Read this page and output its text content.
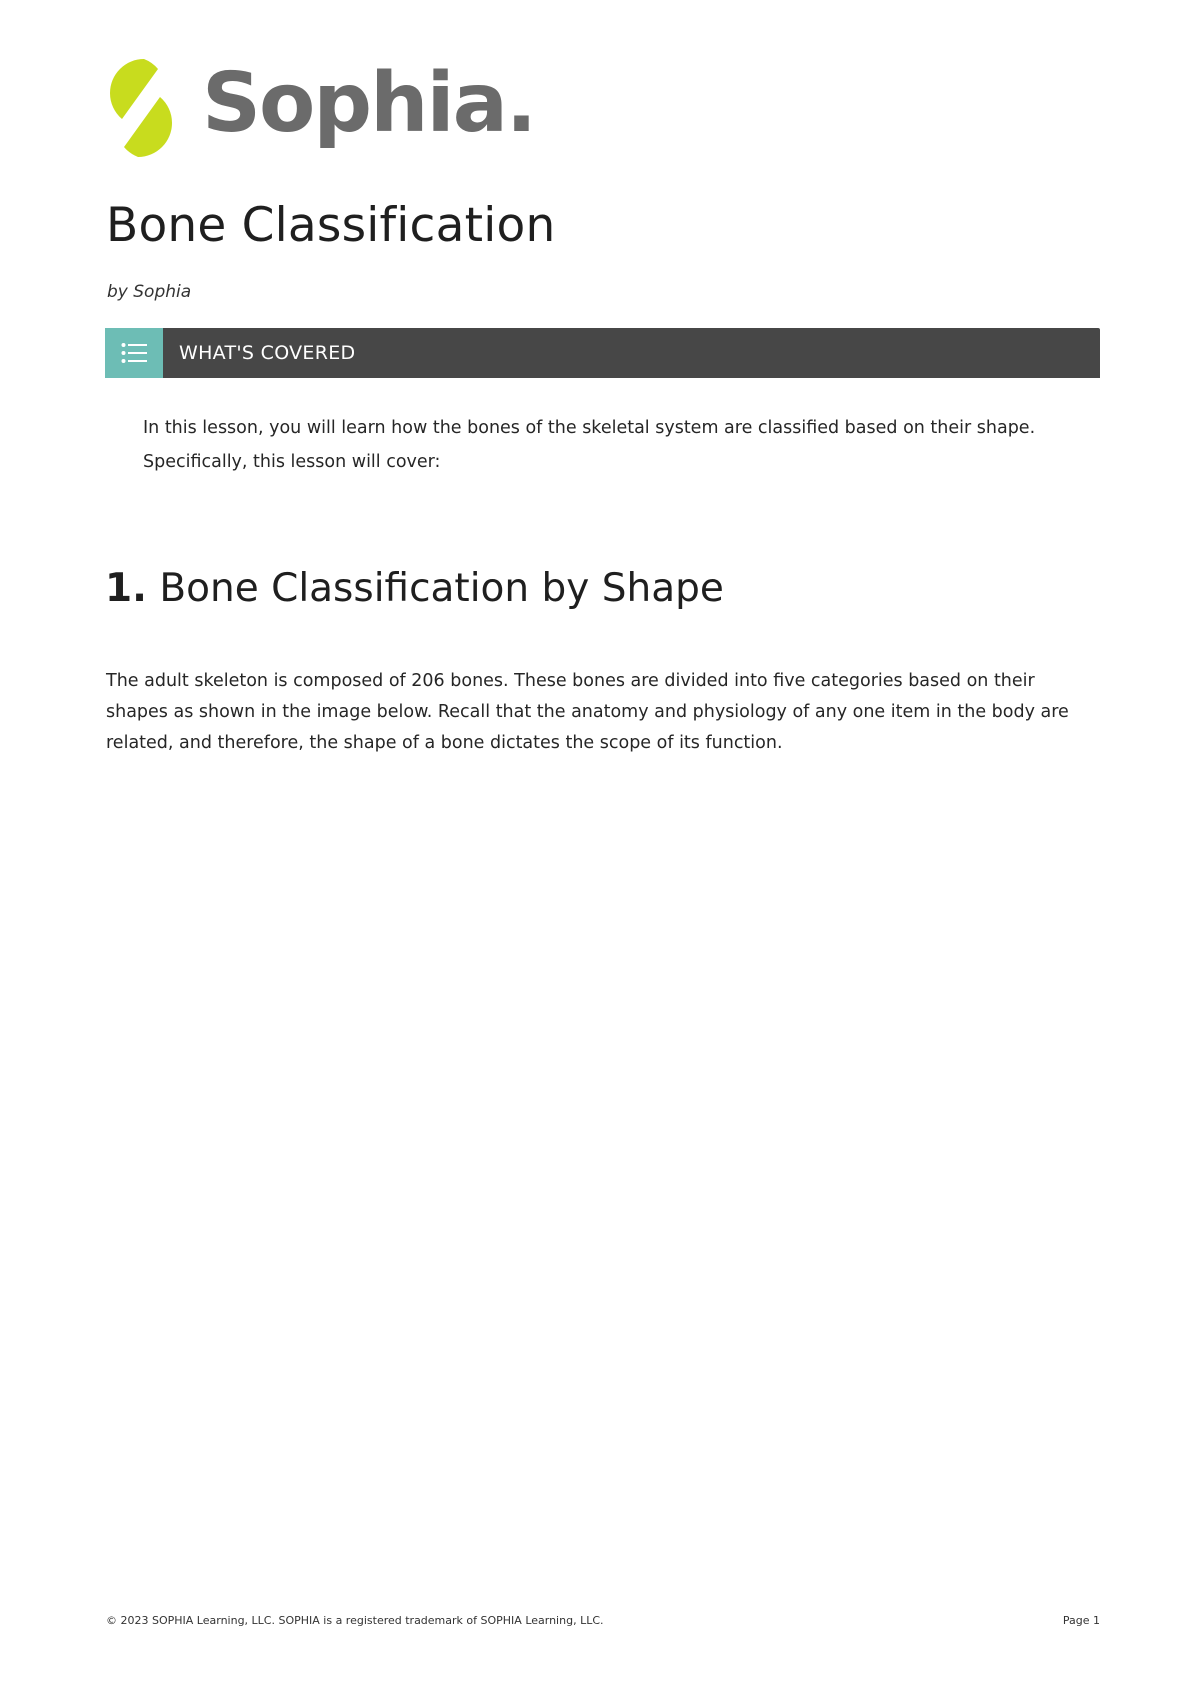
Sophia.
Bone Classification
by Sophia
WHAT'S COVERED

In this lesson, you will learn how the bones of the skeletal system are classified based on their shape.
Specifically, this lesson will cover:

1. Bone Classification by Shape

The adult skeleton is composed of 206 bones. These bones are divided into five categories based on their
shapes as shown in the image below. Recall that the anatomy and physiology of any one item in the body are
related, and therefore, the shape of a bone dictates the scope of its function.

© 2023 SOPHIA Learning, LLC. SOPHIA is a registered trademark of SOPHIA Learning, LLC.	Page 1
